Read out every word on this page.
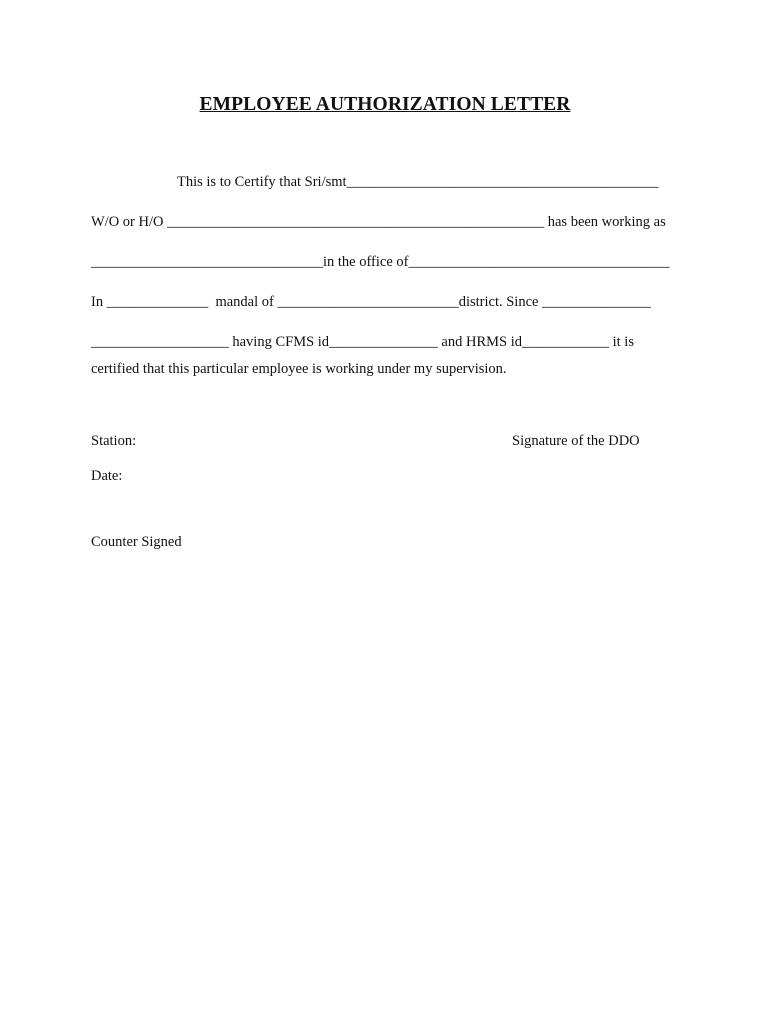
EMPLOYEE AUTHORIZATION LETTER
This is to Certify that Sri/smt___________________________________________
W/O or H/O ____________________________________________________ has been working as
________________________________in the office of____________________________________
In ______________  mandal of _________________________district. Since _______________
___________________ having CFMS id_______________ and HRMS id____________ it is
certified that this particular employee is working under my supervision.
Station:	Signature of the DDO
Date:
Counter Signed
